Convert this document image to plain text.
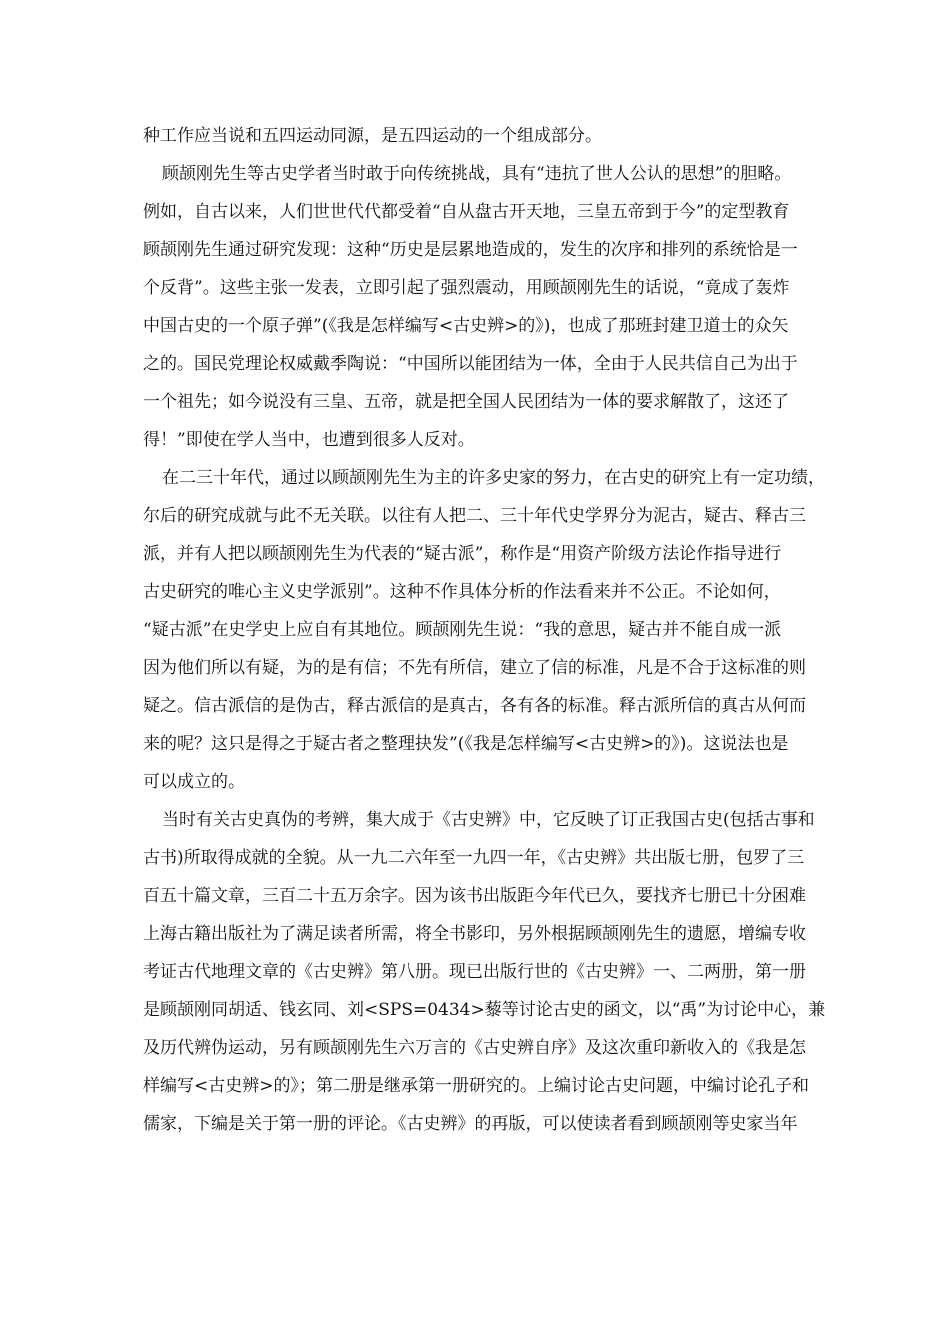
种工作应当说和五四运动同源，是五四运动的一个组成部分。
顾颉刚先生等古史学者当时敢于向传统挑战，具有“违抗了世人公认的思想”的胆略。
例如，自古以来，人们世世代代都受着“自从盘古开天地，三皇五帝到于今”的定型教育
顾颉刚先生通过研究发现：这种“历史是层累地造成的，发生的次序和排列的系统恰是一
个反背”。这些主张一发表，立即引起了强烈震动，用顾颉刚先生的话说，“竟成了轰炸
中国古史的一个原子弹”(《我是怎样编写<古史辨>的》)，也成了那班封建卫道士的众矢
之的。国民党理论权威戴季陶说：“中国所以能团结为一体，全由于人民共信自己为出于
一个祖先；如今说没有三皇、五帝，就是把全国人民团结为一体的要求解散了，这还了
得！”即使在学人当中，也遭到很多人反对。
在二三十年代，通过以顾颉刚先生为主的许多史家的努力，在古史的研究上有一定功绩，
尔后的研究成就与此不无关联。以往有人把二、三十年代史学界分为泥古，疑古、释古三
派，并有人把以顾颉刚先生为代表的“疑古派”，称作是“用资产阶级方法论作指导进行
古史研究的唯心主义史学派别”。这种不作具体分析的作法看来并不公正。不论如何，
“疑古派”在史学史上应自有其地位。顾颉刚先生说：“我的意思，疑古并不能自成一派
因为他们所以有疑，为的是有信；不先有所信，建立了信的标准，凡是不合于这标准的则
疑之。信古派信的是伪古，释古派信的是真古，各有各的标准。释古派所信的真古从何而
来的呢？这只是得之于疑古者之整理抉发”(《我是怎样编写<古史辨>的》)。这说法也是
可以成立的。
当时有关古史真伪的考辨，集大成于《古史辨》中，它反映了订正我国古史(包括古事和
古书)所取得成就的全貌。从一九二六年至一九四一年，《古史辨》共出版七册，包罗了三
百五十篇文章，三百二十五万余字。因为该书出版距今年代已久，要找齐七册已十分困难
上海古籍出版社为了满足读者所需，将全书影印，另外根据顾颉刚先生的遗愿，增编专收
考证古代地理文章的《古史辨》第八册。现已出版行世的《古史辨》一、二两册，第一册
是顾颉刚同胡适、钱玄同、刘<SPS=0434>藜等讨论古史的函文，以“禹”为讨论中心，兼
及历代辨伪运动，另有顾颉刚先生六万言的《古史辨自序》及这次重印新收入的《我是怎
样编写<古史辨>的》；第二册是继承第一册研究的。上编讨论古史问题，中编讨论孔子和
儒家，下编是关于第一册的评论。《古史辨》的再版，可以使读者看到顾颉刚等史家当年
